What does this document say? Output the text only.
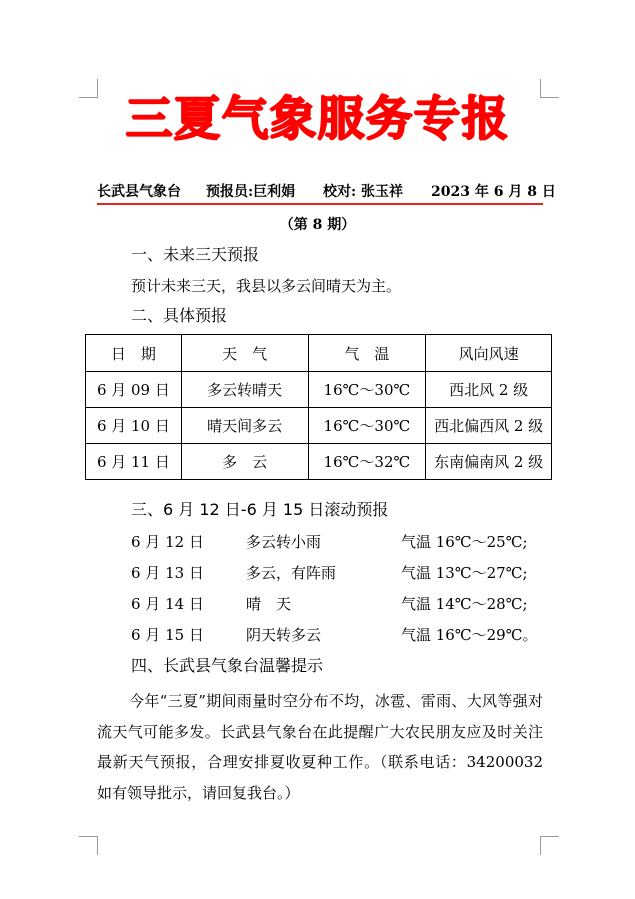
三夏气象服务专报
长武县气象台 预报员:巨利娟 校对: 张玉祥 2023 年 6 月 8 日
（第 8 期）
一、未来三天预报
预计未来三天，我县以多云间晴天为主。
二、具体预报
日　期	天　气	气　温	风向风速
6 月 09 日	多云转晴天	16℃～30℃	西北风 2 级
6 月 10 日	晴天间多云	16℃～30℃	西北偏西风 2 级
6 月 11 日	多　云	16℃～32℃	东南偏南风 2 级
三、6 月 12 日-6 月 15 日滚动预报
6 月 12 日	多云转小雨	气温 16℃～25℃;
6 月 13 日	多云，有阵雨	气温 13℃～27℃;
6 月 14 日	晴　天	气温 14℃～28℃;
6 月 15 日	阴天转多云	气温 16℃～29℃。
四、长武县气象台温馨提示
今年“三夏”期间雨量时空分布不均，冰雹、雷雨、大风等强对流天气可能多发。长武县气象台在此提醒广大农民朋友应及时关注最新天气预报，合理安排夏收夏种工作。（联系电话：34200032 如有领导批示，请回复我台。）
